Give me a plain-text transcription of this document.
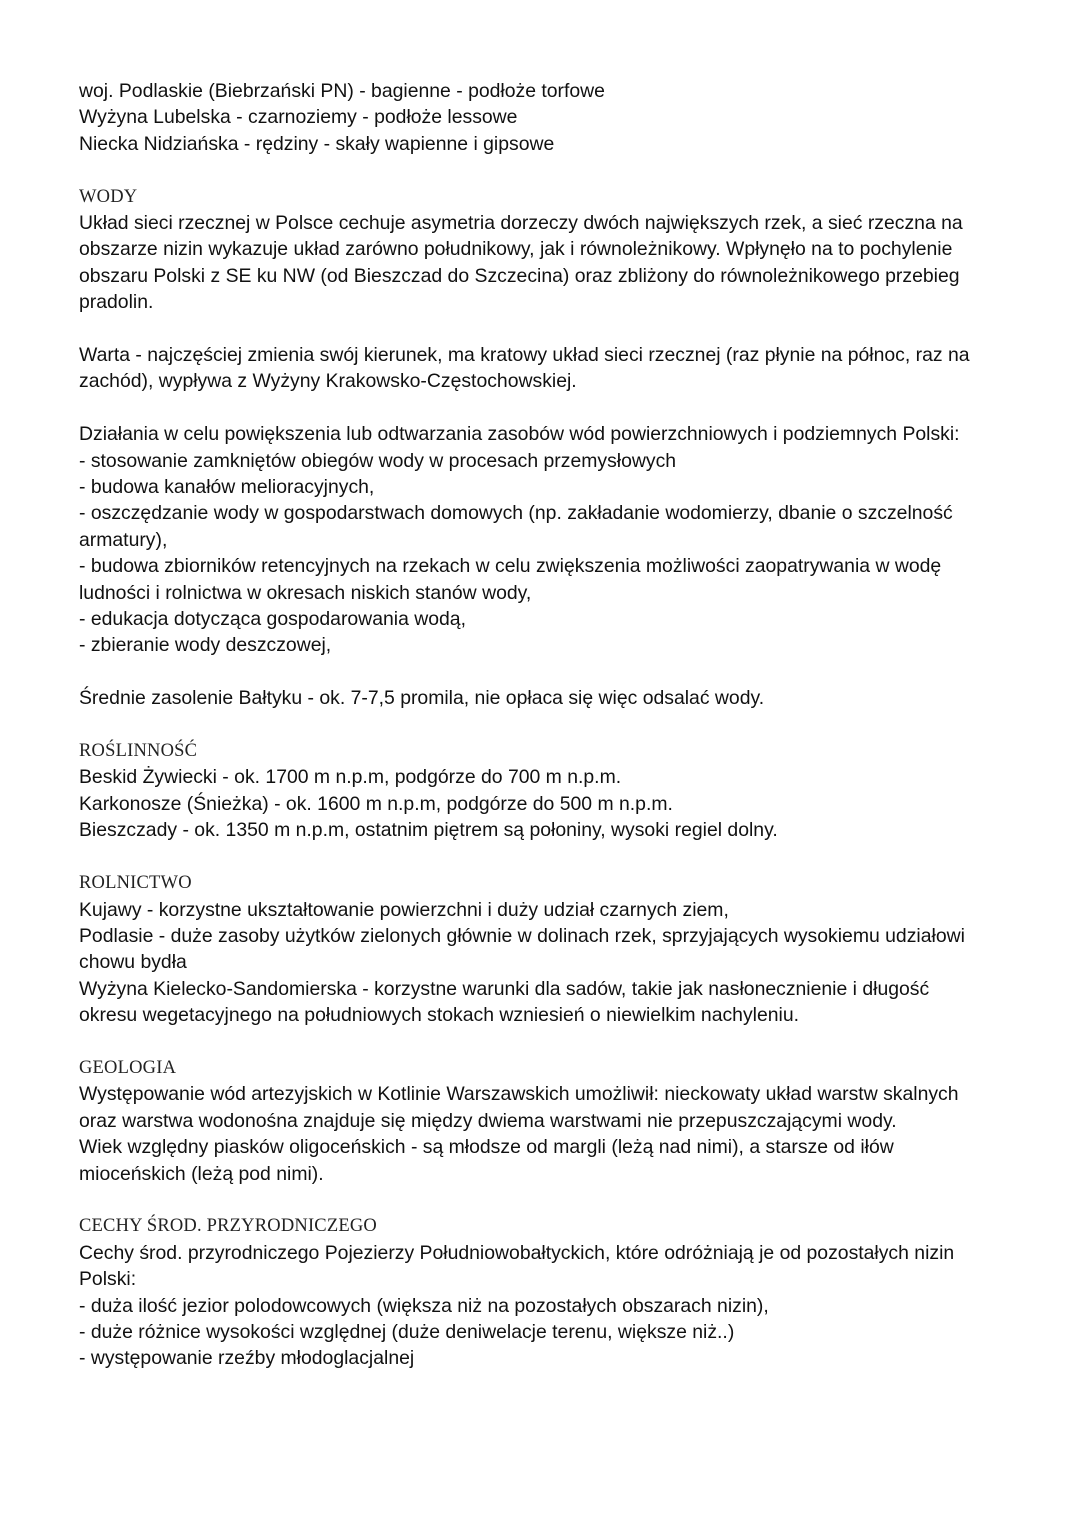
woj. Podlaskie (Biebrzański PN) - bagienne - podłoże torfowe

Wyżyna Lubelska - czarnoziemy - podłoże lessowe

Niecka Nidziańska - rędziny - skały wapienne i gipsowe

WODY

Układ sieci rzecznej w Polsce cechuje asymetria dorzeczy dwóch największych rzek, a sieć rzeczna na

obszarze nizin wykazuje układ zarówno południkowy, jak i równoleżnikowy. Wpłynęło na to pochylenie

obszaru Polski z SE ku NW (od Bieszczad do Szczecina) oraz zbliżony do równoleżnikowego przebieg

pradolin.

Warta - najczęściej zmienia swój kierunek, ma kratowy układ sieci rzecznej (raz płynie na północ, raz na

zachód), wypływa z Wyżyny Krakowsko-Częstochowskiej.

Działania w celu powiększenia lub odtwarzania zasobów wód powierzchniowych i podziemnych Polski:

- stosowanie zamkniętów obiegów wody w procesach przemysłowych

- budowa kanałów melioracyjnych,

- oszczędzanie wody w gospodarstwach domowych (np. zakładanie wodomierzy, dbanie o szczelność

armatury),

- budowa zbiorników retencyjnych na rzekach w celu zwiększenia możliwości zaopatrywania w wodę

ludności i rolnictwa w okresach niskich stanów wody,

- edukacja dotycząca gospodarowania wodą,

- zbieranie wody deszczowej,

Średnie zasolenie Bałtyku - ok. 7-7,5 promila, nie opłaca się więc odsalać wody.

ROŚLINNOŚĆ

Beskid Żywiecki - ok. 1700 m n.p.m, podgórze do 700 m n.p.m.

Karkonosze (Śnieżka) - ok. 1600 m n.p.m, podgórze do 500 m n.p.m.

Bieszczady - ok. 1350 m n.p.m, ostatnim piętrem są połoniny, wysoki regiel dolny.

ROLNICTWO

Kujawy - korzystne ukształtowanie powierzchni i duży udział czarnych ziem,

Podlasie - duże zasoby użytków zielonych głównie w dolinach rzek, sprzyjających wysokiemu udziałowi

chowu bydła

Wyżyna Kielecko-Sandomierska - korzystne warunki dla sadów, takie jak nasłonecznienie i długość

okresu wegetacyjnego na południowych stokach wzniesień o niewielkim nachyleniu.

GEOLOGIA

Występowanie wód artezyjskich w Kotlinie Warszawskich umożliwił: nieckowaty układ warstw skalnych

oraz warstwa wodonośna znajduje się między dwiema warstwami nie przepuszczającymi wody.

Wiek względny piasków oligoceńskich - są młodsze od margli (leżą nad nimi), a starsze od iłów

mioceńskich (leżą pod nimi).

CECHY ŚROD. PRZYRODNICZEGO

Cechy środ. przyrodniczego Pojezierzy Południowobałtyckich, które odróżniają je od pozostałych nizin

Polski:

- duża ilość jezior polodowcowych (większa niż na pozostałych obszarach nizin),

- duże różnice wysokości względnej (duże deniwelacje terenu, większe niż..)

- występowanie rzeźby młodoglacjalnej
